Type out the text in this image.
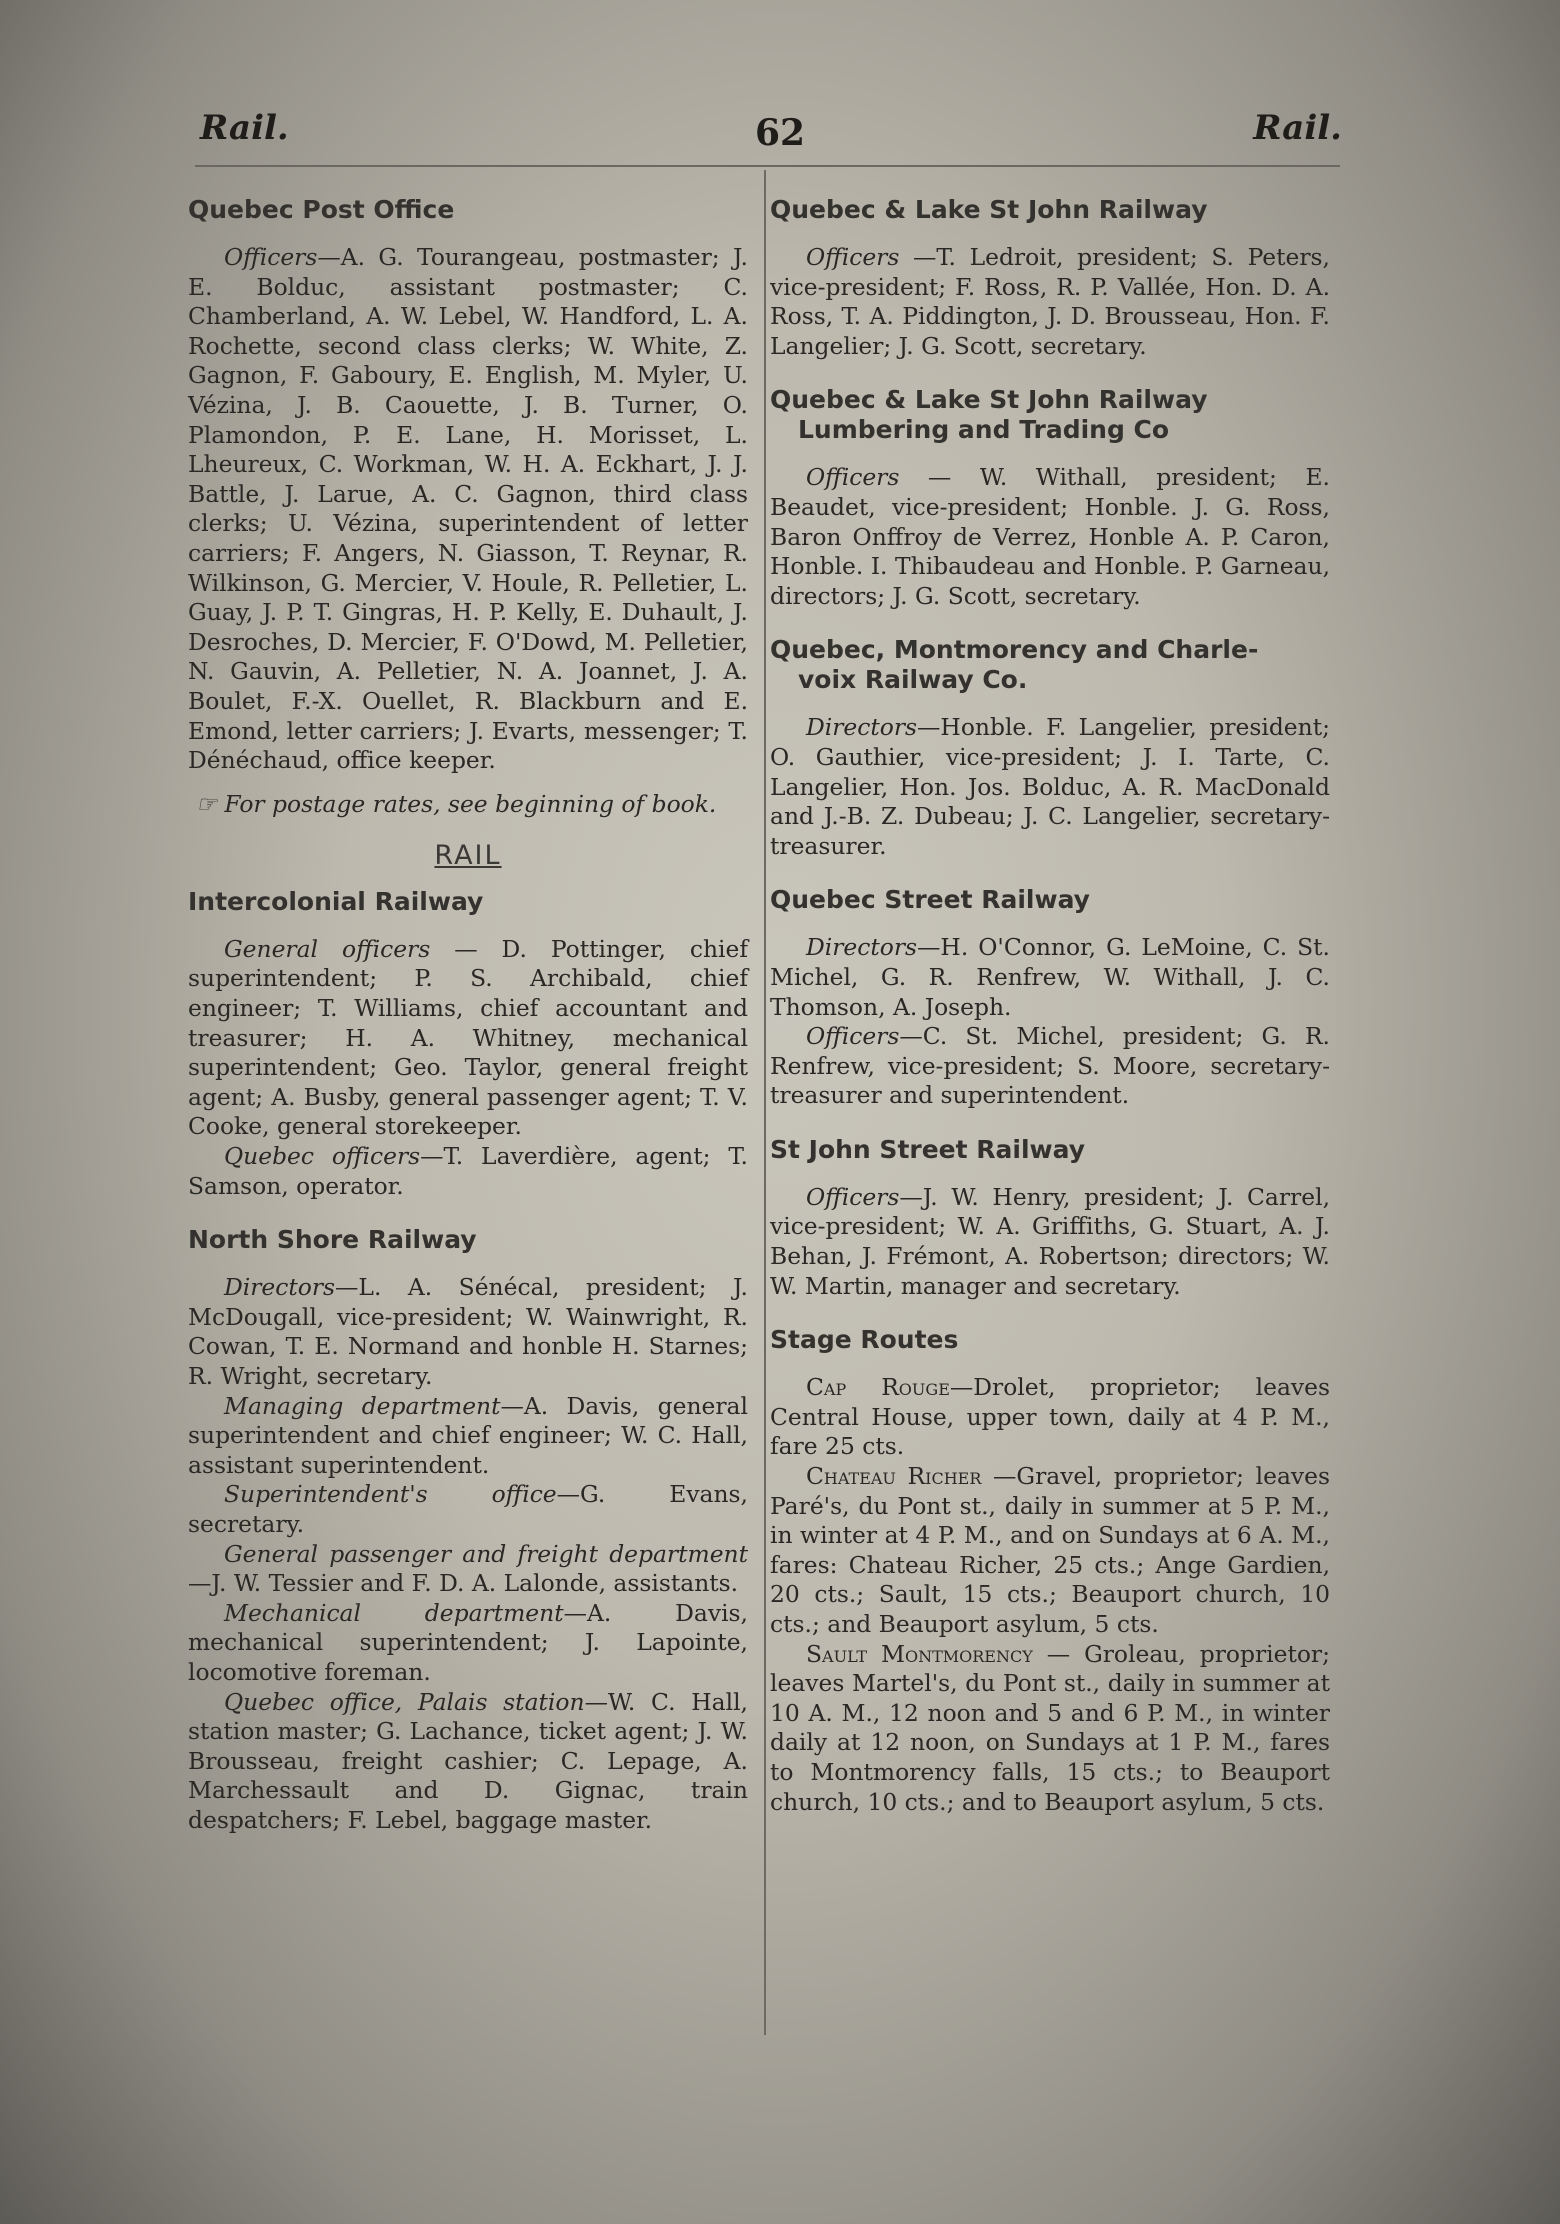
Rail.	62	Rail.
Quebec Post Office

Officers—A. G. Tourangeau, postmaster; J. E. Bolduc, assistant postmaster; C. Chamberland, A. W. Lebel, W. Handford, L. A. Rochette, second class clerks; W. White, Z. Gagnon, F. Gaboury, E. English, M. Myler, U. Vézina, J. B. Caouette, J. B. Turner, O. Plamondon, P. E. Lane, H. Morisset, L. Lheureux, C. Workman, W. H. A. Eckhart, J. J. Battle, J. Larue, A. C. Gagnon, third class clerks; U. Vézina, superintendent of letter carriers; F. Angers, N. Giasson, T. Reynar, R. Wilkinson, G. Mercier, V. Houle, R. Pelletier, L. Guay, J. P. T. Gingras, H. P. Kelly, E. Duhault, J. Desroches, D. Mercier, F. O'Dowd, M. Pelletier, N. Gauvin, A. Pelletier, N. A. Joannet, J. A. Boulet, F.-X. Ouellet, R. Blackburn and E. Emond, letter carriers; J. Evarts, messenger; T. Dénéchaud, office keeper.

☞ For postage rates, see beginning of book.

RAIL
Intercolonial Railway

General officers — D. Pottinger, chief superintendent; P. S. Archibald, chief engineer; T. Williams, chief accountant and treasurer; H. A. Whitney, mechanical superintendent; Geo. Taylor, general freight agent; A. Busby, general passenger agent; T. V. Cooke, general storekeeper.

Quebec officers—T. Laverdière, agent; T. Samson, operator.

North Shore Railway

Directors—L. A. Sénécal, president; J. McDougall, vice-president; W. Wainwright, R. Cowan, T. E. Normand and honble H. Starnes; R. Wright, secretary.

Managing department—A. Davis, general superintendent and chief engineer; W. C. Hall, assistant superintendent.

Superintendent's office—G. Evans, secretary.

General passenger and freight department—J. W. Tessier and F. D. A. Lalonde, assistants.

Mechanical department—A. Davis, mechanical superintendent; J. Lapointe, locomotive foreman.

Quebec office, Palais station—W. C. Hall, station master; G. Lachance, ticket agent; J. W. Brousseau, freight cashier; C. Lepage, A. Marchessault and D. Gignac, train despatchers; F. Lebel, baggage master.

Quebec & Lake St John Railway

Officers —T. Ledroit, president; S. Peters, vice-president; F. Ross, R. P. Vallée, Hon. D. A. Ross, T. A. Piddington, J. D. Brousseau, Hon. F. Langelier; J. G. Scott, secretary.

Quebec & Lake St John Railway
Lumbering and Trading Co

Officers — W. Withall, president; E. Beaudet, vice-president; Honble. J. G. Ross, Baron Onffroy de Verrez, Honble A. P. Caron, Honble. I. Thibaudeau and Honble. P. Garneau, directors; J. G. Scott, secretary.

Quebec, Montmorency and Charle-
voix Railway Co.

Directors—Honble. F. Langelier, president; O. Gauthier, vice-president; J. I. Tarte, C. Langelier, Hon. Jos. Bolduc, A. R. MacDonald and J.-B. Z. Dubeau; J. C. Langelier, secretary-treasurer.

Quebec Street Railway

Directors—H. O'Connor, G. LeMoine, C. St. Michel, G. R. Renfrew, W. Withall, J. C. Thomson, A. Joseph.

Officers—C. St. Michel, president; G. R. Renfrew, vice-president; S. Moore, secretary-treasurer and superintendent.

St John Street Railway

Officers—J. W. Henry, president; J. Carrel, vice-president; W. A. Griffiths, G. Stuart, A. J. Behan, J. Frémont, A. Robertson; directors; W. W. Martin, manager and secretary.

Stage Routes

Cap Rouge—Drolet, proprietor; leaves Central House, upper town, daily at 4 P. M., fare 25 cts.

Chateau Richer —Gravel, proprietor; leaves Paré's, du Pont st., daily in summer at 5 P. M., in winter at 4 P. M., and on Sundays at 6 A. M., fares: Chateau Richer, 25 cts.; Ange Gardien, 20 cts.; Sault, 15 cts.; Beauport church, 10 cts.; and Beauport asylum, 5 cts.

Sault Montmorency — Groleau, proprietor; leaves Martel's, du Pont st., daily in summer at 10 A. M., 12 noon and 5 and 6 P. M., in winter daily at 12 noon, on Sundays at 1 P. M., fares to Montmorency falls, 15 cts.; to Beauport church, 10 cts.; and to Beauport asylum, 5 cts.
